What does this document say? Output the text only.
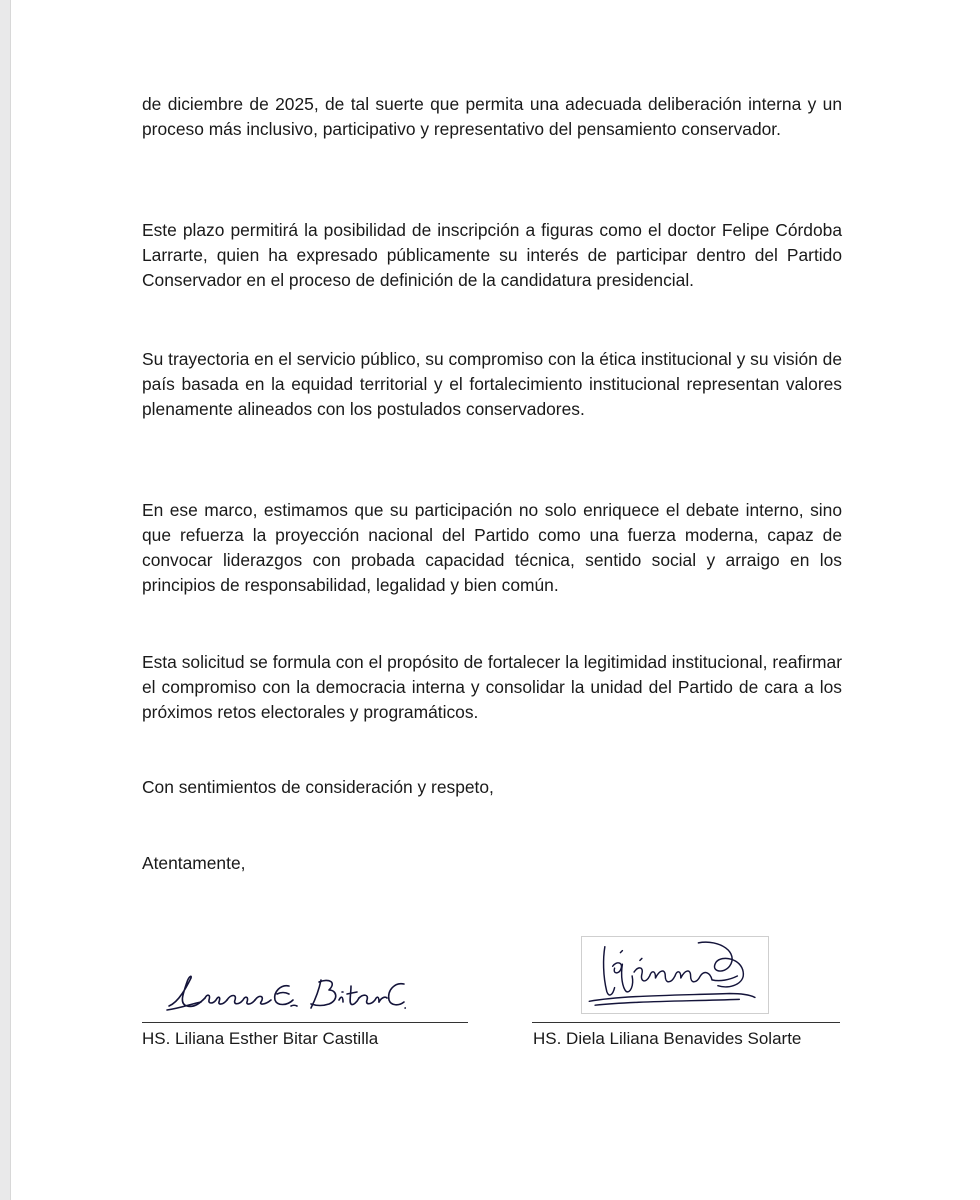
de diciembre de 2025, de tal suerte que permita una adecuada deliberación interna y un proceso más inclusivo, participativo y representativo del pensamiento conservador.

Este plazo permitirá la posibilidad de inscripción a figuras como el doctor Felipe Córdoba Larrarte, quien ha expresado públicamente su interés de participar dentro del Partido Conservador en el proceso de definición de la candidatura presidencial.

Su trayectoria en el servicio público, su compromiso con la ética institucional y su visión de país basada en la equidad territorial y el fortalecimiento institucional representan valores plenamente alineados con los postulados conservadores.

En ese marco, estimamos que su participación no solo enriquece el debate interno, sino que refuerza la proyección nacional del Partido como una fuerza moderna, capaz de convocar liderazgos con probada capacidad técnica, sentido social y arraigo en los principios de responsabilidad, legalidad y bien común.

Esta solicitud se formula con el propósito de fortalecer la legitimidad institucional, reafirmar el compromiso con la democracia interna y consolidar la unidad del Partido de cara a los próximos retos electorales y programáticos.

Con sentimientos de consideración y respeto,

Atentamente,

HS. Liliana Esther Bitar Castilla	HS. Diela Liliana Benavides Solarte
